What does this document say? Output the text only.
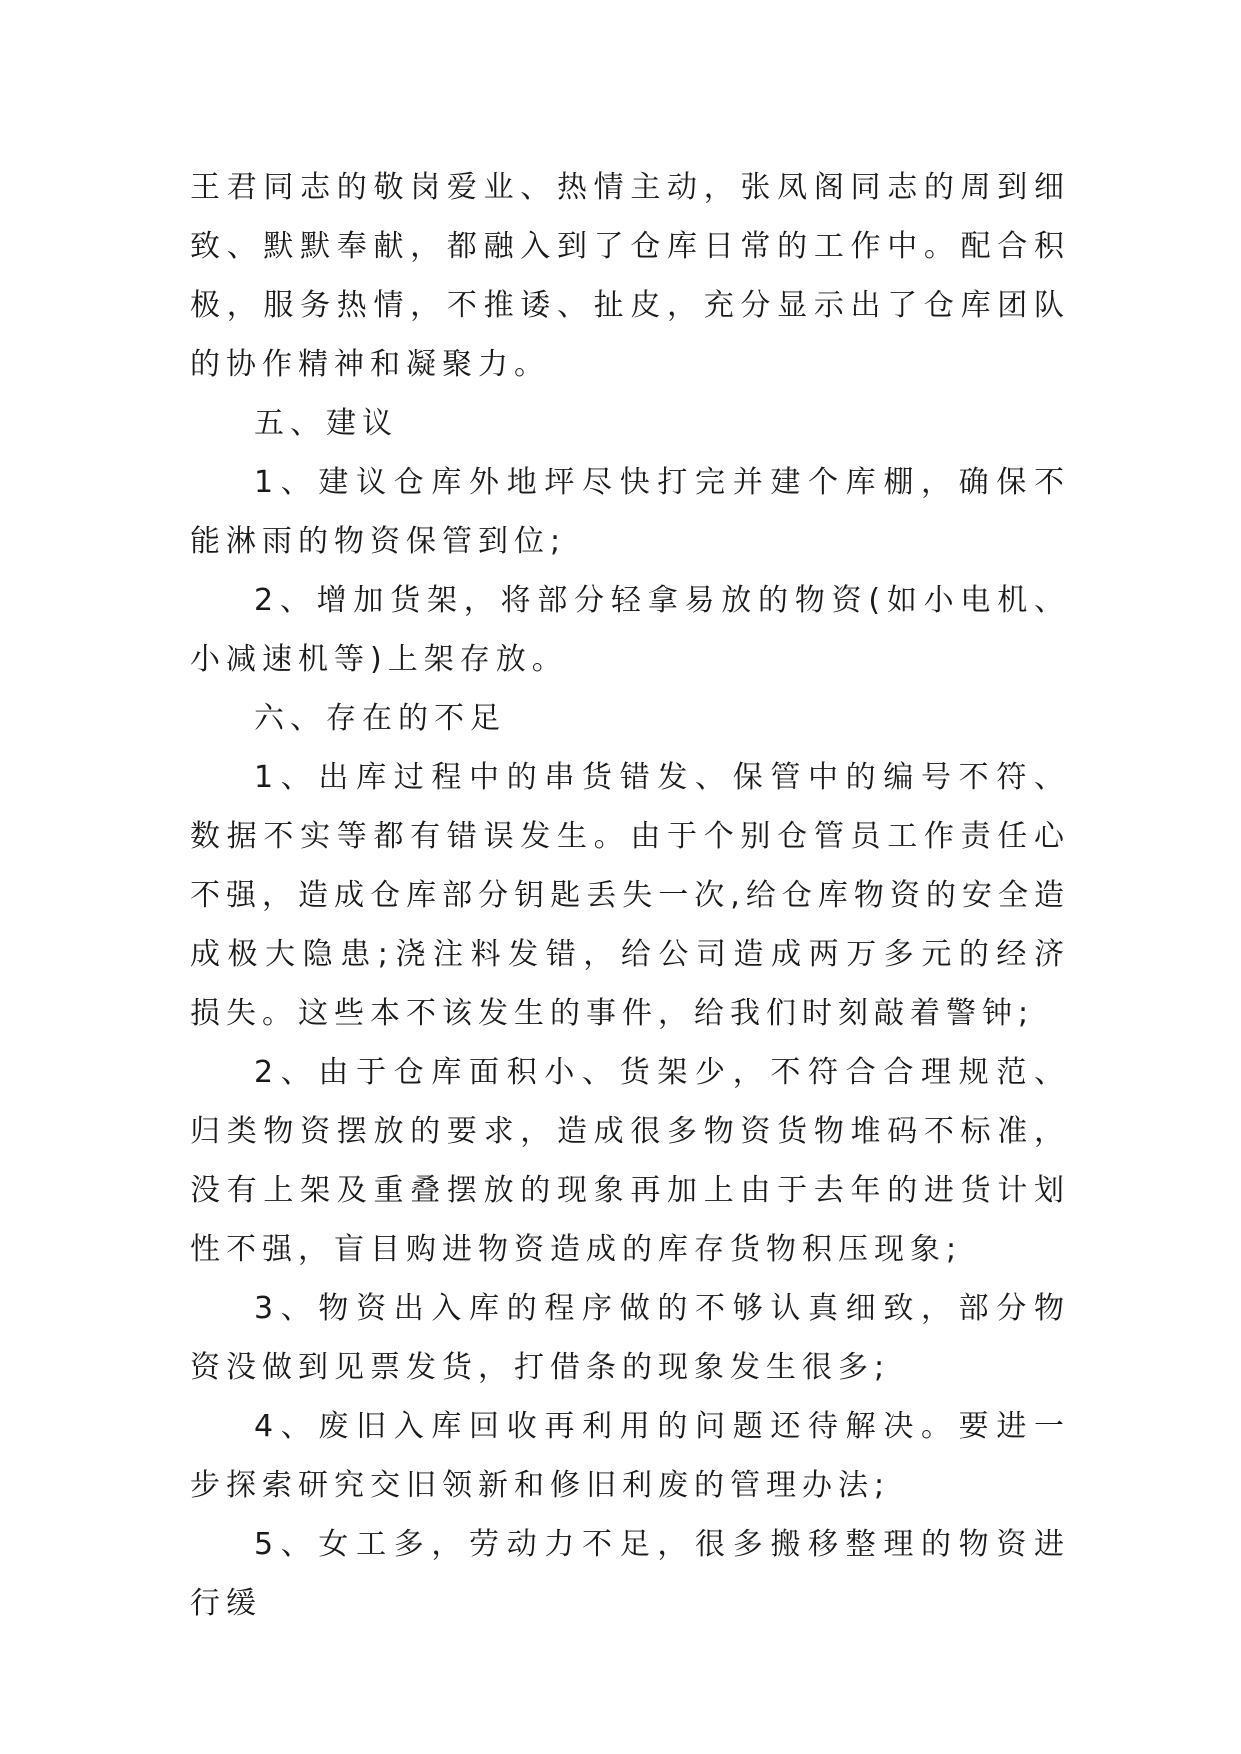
王君同志的敬岗爱业、热情主动，张凤阁同志的周到细致、默默奉献，都融入到了仓库日常的工作中。配合积极，服务热情，不推诿、扯皮，充分显示出了仓库团队的协作精神和凝聚力。

五、建议

1、建议仓库外地坪尽快打完并建个库棚，确保不能淋雨的物资保管到位;

2、增加货架，将部分轻拿易放的物资(如小电机、小减速机等)上架存放。

六、存在的不足

1、出库过程中的串货错发、保管中的编号不符、数据不实等都有错误发生。由于个别仓管员工作责任心不强，造成仓库部分钥匙丢失一次,给仓库物资的安全造成极大隐患;浇注料发错，给公司造成两万多元的经济损失。这些本不该发生的事件，给我们时刻敲着警钟;

2、由于仓库面积小、货架少，不符合合理规范、归类物资摆放的要求，造成很多物资货物堆码不标准，没有上架及重叠摆放的现象再加上由于去年的进货计划性不强，盲目购进物资造成的库存货物积压现象;

3、物资出入库的程序做的不够认真细致，部分物资没做到见票发货，打借条的现象发生很多;

4、废旧入库回收再利用的问题还待解决。要进一步探索研究交旧领新和修旧利废的管理办法;

5、女工多，劳动力不足，很多搬移整理的物资进行缓
